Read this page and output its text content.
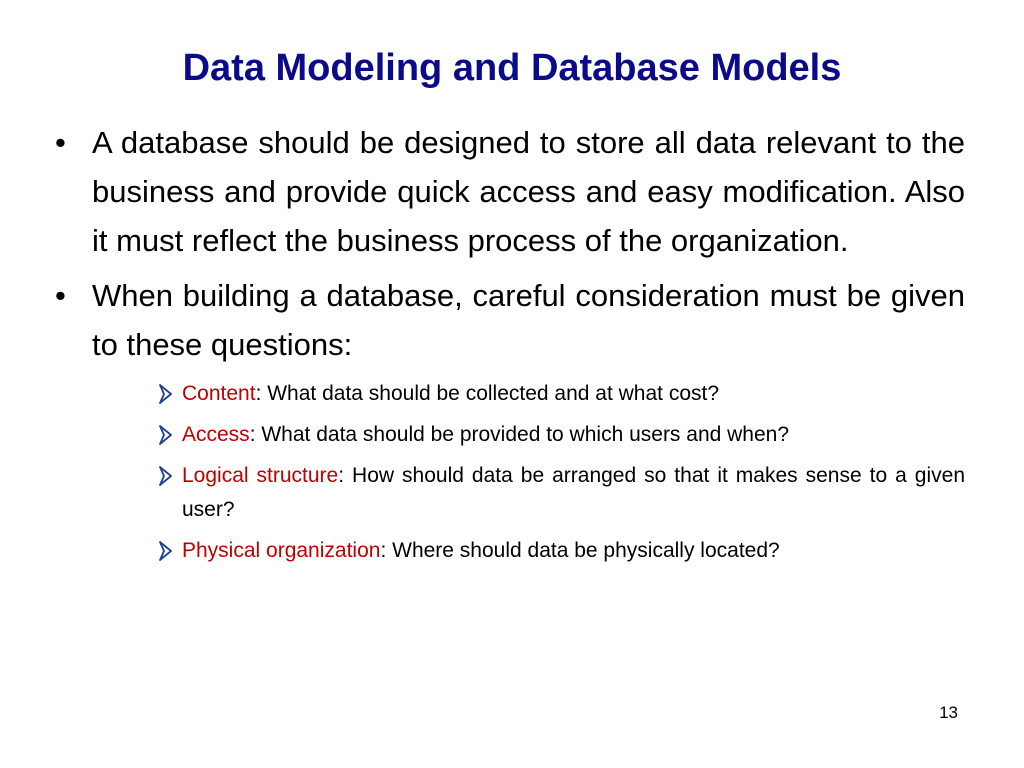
Data Modeling and Database Models
• A database should be designed to store all data relevant to the business and provide quick access and easy modification. Also it must reflect the business process of the organization.
• When building a database, careful consideration must be given to these questions:
Content: What data should be collected and at what cost?
Access: What data should be provided to which users and when?
Logical structure: How should data be arranged so that it makes sense to a given user?
Physical organization: Where should data be physically located?
13
